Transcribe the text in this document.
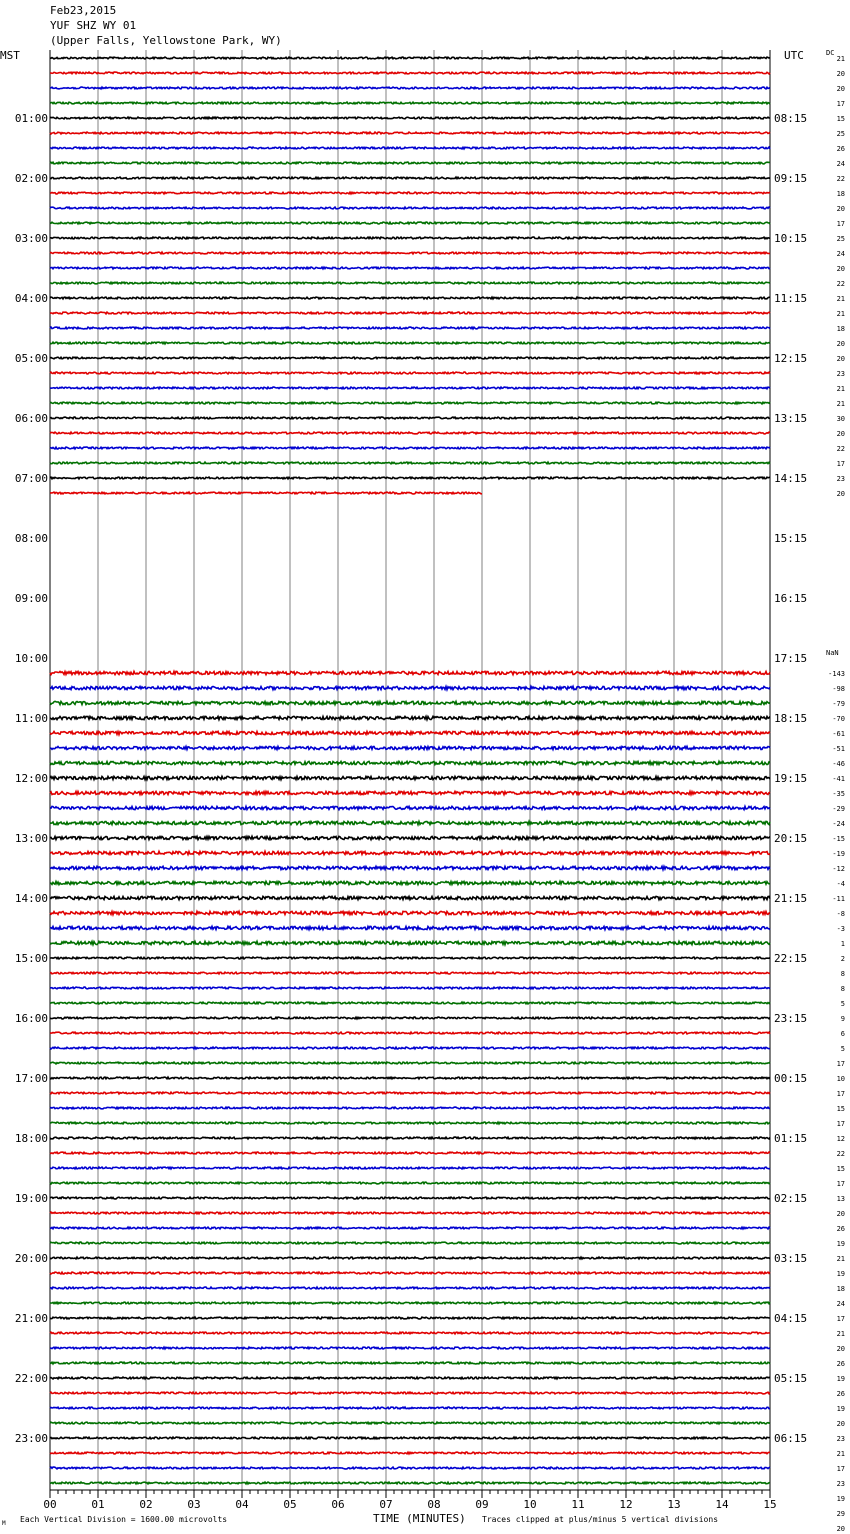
01:00
02:00
03:00
04:00
05:00
06:00
07:00
08:00
09:00
10:00
11:00
12:00
13:00
14:00
15:00
16:00
17:00
18:00
19:00
20:00
21:00
22:00
23:00
08:15
09:15
10:15
11:15
12:15
13:15
14:15
15:15
16:15
17:15
18:15
19:15
20:15
21:15
22:15
23:15
00:15
01:15
02:15
03:15
04:15
05:15
06:15
21
20
20
17
15
25
26
24
22
18
20
17
25
24
20
22
21
21
18
20
20
23
21
21
30
20
22
17
23
20
-143
-98
-79
-70
-61
-51
-46
-41
-35
-29
-24
-15
-19
-12
-4
-11
-8
-3
1
2
8
8
5
9
6
5
17
10
17
15
17
12
22
15
17
13
20
26
19
21
19
18
24
17
21
20
26
19
26
19
20
23
21
17
23
19
29
20
DC
NaN
00	01	02	03	04	05	06	07	08	09	10	11	12	13	14	15
Feb23,2015
YUF SHZ WY 01
(Upper Falls, Yellowstone Park, WY)
MST	UTC
M Each Vertical Division = 1600.00 microvolts	TIME (MINUTES) Traces clipped at plus/minus 5 vertical divisions
